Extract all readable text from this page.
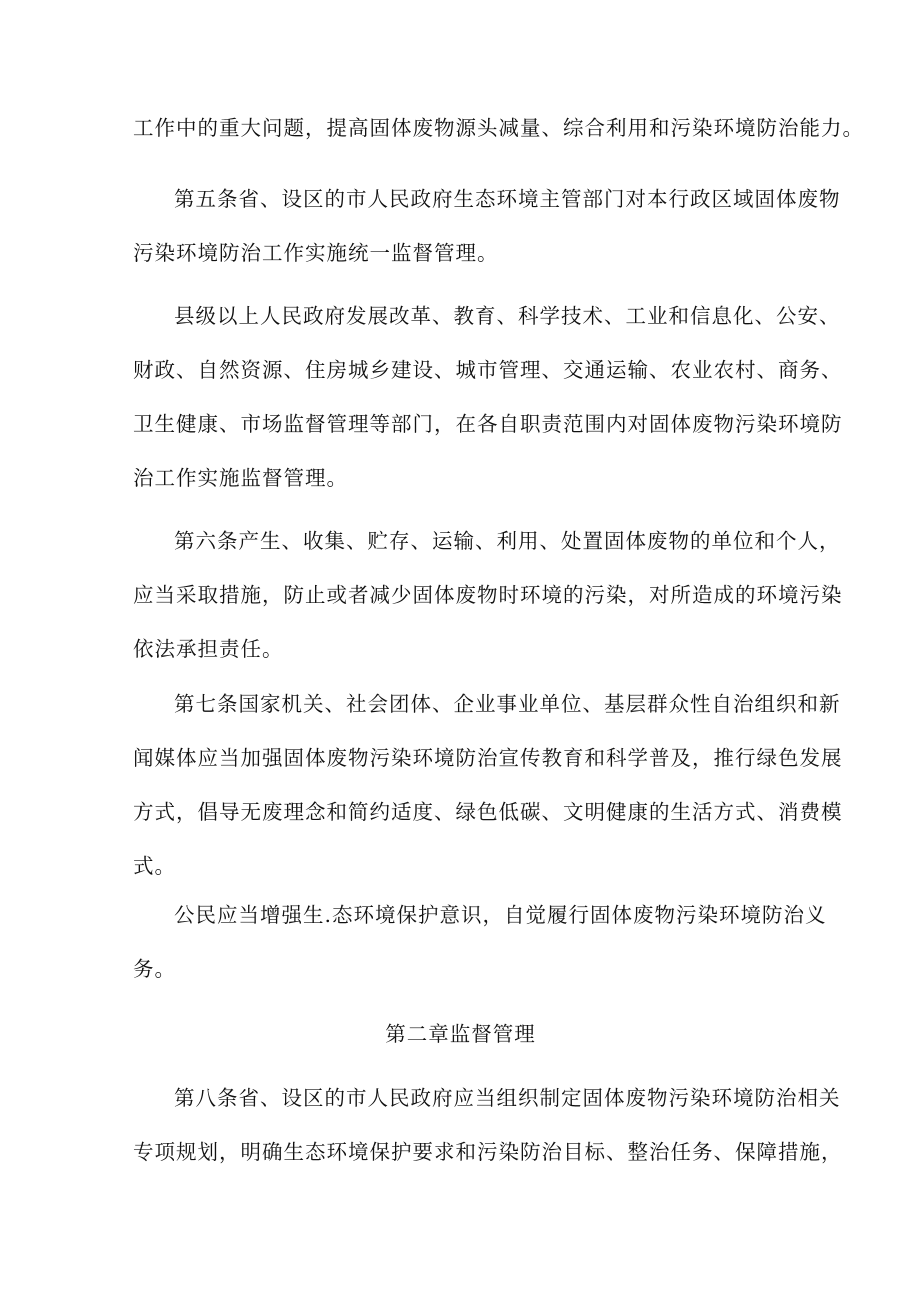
工作中的重大问题，提高固体废物源头减量、综合利用和污染环境防治能力。
第五条省、设区的市人民政府生态环境主管部门对本行政区域固体废物
污染环境防治工作实施统一监督管理。
县级以上人民政府发展改革、教育、科学技术、工业和信息化、公安、
财政、自然资源、住房城乡建设、城市管理、交通运输、农业农村、商务、
卫生健康、市场监督管理等部门，在各自职责范围内对固体废物污染环境防
治工作实施监督管理。
第六条产生、收集、贮存、运输、利用、处置固体废物的单位和个人，
应当采取措施，防止或者减少固体废物时环境的污染，对所造成的环境污染
依法承担责任。
第七条国家机关、社会团体、企业事业单位、基层群众性自治组织和新
闻媒体应当加强固体废物污染环境防治宣传教育和科学普及，推行绿色发展
方式，倡导无废理念和简约适度、绿色低碳、文明健康的生活方式、消费模
式。
公民应当增强生.态环境保护意识，自觉履行固体废物污染环境防治义
务。
第二章监督管理
第八条省、设区的市人民政府应当组织制定固体废物污染环境防治相关
专项规划，明确生态环境保护要求和污染防治目标、整治任务、保障措施，
